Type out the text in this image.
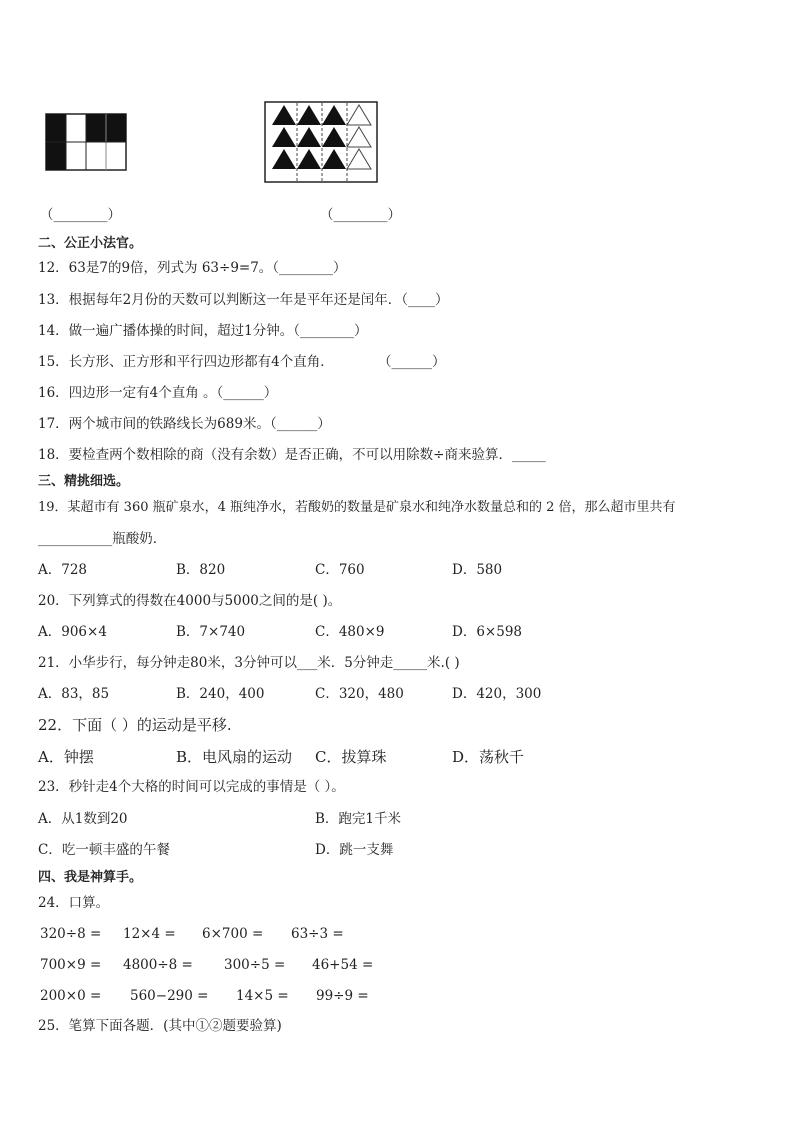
（________）	（________）
二、公正小法官。
12．63是7的9倍，列式为 63÷9=7。（________）
13．根据每年2月份的天数可以判断这一年是平年还是闰年．（____）
14．做一遍广播体操的时间，超过1分钟。（________）
15．长方形、正方形和平行四边形都有4个直角．	（______）
16．四边形一定有4个直角 。（______）
17．两个城市间的铁路线长为689米。（______）
18．要检查两个数相除的商（没有余数）是否正确，不可以用除数÷商来验算．_____
三、精挑细选。
19．某超市有 360 瓶矿泉水，4 瓶纯净水，若酸奶的数量是矿泉水和纯净水数量总和的 2 倍，那么超市里共有
___________瓶酸奶．
A．728	B．820	C．760	D．580
20．下列算式的得数在4000与5000之间的是( )。
A．906×4	B．7×740	C．480×9	D．6×598
21．小华步行，每分钟走80米，3分钟可以___米．5分钟走_____米.( )
A．83，85	B．240，400	C．320，480	D．420，300
22．下面（ ）的运动是平移.
A．钟摆	B．电风扇的运动 C．拔算珠	D．荡秋千
23．秒针走4个大格的时间可以完成的事情是（ ）。
A．从1数到20	B．跑完1千米
C．吃一顿丰盛的午餐	D．跳一支舞
四、我是神算手。
24．口算。
320÷8 = 12×4 = 6×700 = 63÷3 =
700×9 = 4800÷8 = 300÷5 = 46+54 =
200×0 = 560−290 = 14×5 = 99÷9 =
25．笔算下面各题．(其中①②题要验算)
